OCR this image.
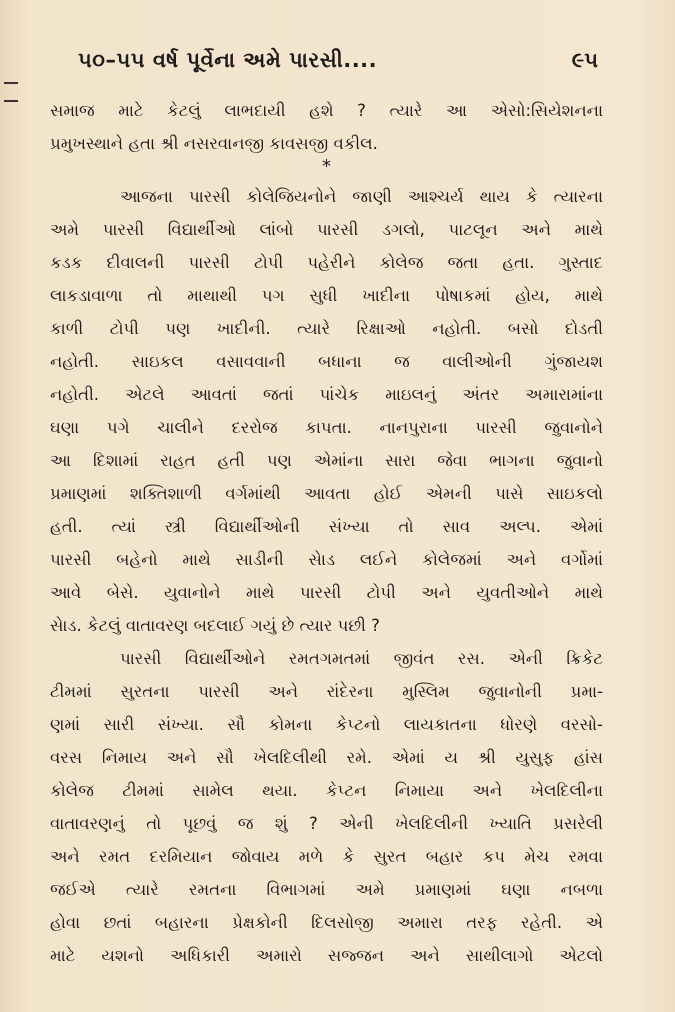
૫૦–૫૫ વર્ષ પૂર્વેના અમે પારસી....	૯૫
સમાજ માટે કેટલું લાભદાયી હશે ? ત્યારે આ એસો:સિયેશનના
પ્રમુખસ્થાને હતા શ્રી નસરવાનજી કાવસજી વકીલ.
*
આજના પારસી કોલેજિયનોને જાણી આશ્ચર્ય થાય કે ત્યારના
અમે પારસી વિદ્યાર્થીઓ લાંબો પારસી ડગલો, પાટલૂન અને માથે
કડક દીવાલની પારસી ટોપી પહેરીને કોલેજ જતા હતા. ગુસ્તાદ
લાકડાવાળા તો માથાથી પગ સુધી ખાદીના પોષાકમાં હોય, માથે
કાળી ટોપી પણ ખાદીની. ત્યારે રિક્ષાઓ નહોતી. બસો દોડતી
નહોતી. સાઇકલ વસાવવાની બધાના જ વાલીઓની ગુંજાયશ
નહોતી. એટલે આવતાં જતાં પાંચેક માઇલનું અંતર અમારામાંના
ઘણા પગે ચાલીને દરરોજ કાપતા. નાનપુરાના પારસી જુવાનોને
આ દિશામાં રાહત હતી પણ એમાંના સારા જેવા ભાગના જુવાનો
પ્રમાણમાં શક્તિશાળી વર્ગમાંથી આવતા હોઈ એમની પાસે સાઇકલો
હતી. ત્યાં સ્ત્રી વિદ્યાર્થીઓની સંખ્યા તો સાવ અલ્પ. એમાં
પારસી બહેનો માથે સાડીની સેાડ લઈને કોલેજમાં અને વર્ગોમાં
આવે બેસે. યુવાનોને માથે પારસી ટોપી અને યુવતીઓને માથે
સેાડ. કેટલું વાતાવરણ બદલાઈ ગયું છે ત્યાર પછી ?
પારસી વિદ્યાર્થીઓને રમતગમતમાં જીવંત રસ. એની ક્રિકેટ
ટીમમાં સુરતના પારસી અને રાંદેરના મુસ્લિમ જુવાનોની પ્રમા-
ણમાં સારી સંખ્યા. સૌ કોમના કેપ્ટનો લાયકાતના ધોરણે વરસો-
વરસ નિમાય અને સૌ ખેલદિલીથી રમે. એમાં ય શ્રી યુસુફ હાંસ
કોલેજ ટીમમાં સામેલ થયા. કેપ્ટન નિમાયા અને ખેલદિલીના
વાતાવરણનું તો પૂછવું જ શું ? એની ખેલદિલીની ખ્યાતિ પ્રસરેલી
અને રમત દરમિયાન જોવાય મળે કે સુરત બહાર કપ મેચ રમવા
જઈએ ત્યારે રમતના વિભાગમાં અમે પ્રમાણમાં ઘણા નબળા
હોવા છતાં બહારના પ્રેક્ષકોની દિલસોજી અમારા તરફ રહેતી. એ
માટે યશનો અધિકારી અમારો સજ્જન અને સાથીલાગો એટલો
